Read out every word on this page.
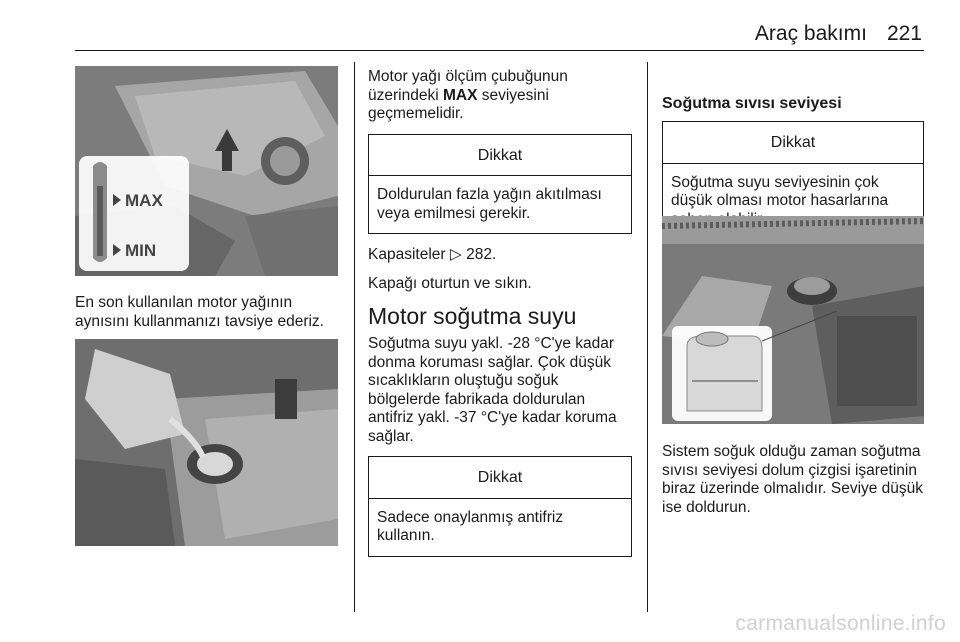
Araç bakımı 221
MAX
MIN

En son kullanılan motor yağının aynısını kullanmanızı tavsiye ederiz.

Motor yağı ölçüm çubuğunun üzerindeki MAX seviyesini geçmemelidir.

Dikkat
Doldurulan fazla yağın akıtılması veya emilmesi gerekir.

Kapasiteler ▷ 282.

Kapağı oturtun ve sıkın.

Motor soğutma suyu

Soğutma suyu yakl. -28 °C'ye kadar donma koruması sağlar. Çok düşük sıcaklıkların oluştuğu soğuk bölgelerde fabrikada doldurulan antifriz yakl. -37 °C'ye kadar koruma sağlar.

Dikkat
Sadece onaylanmış antifriz kullanın.
Soğutma sıvısı seviyesi
Dikkat
Soğutma suyu seviyesinin çok düşük olması motor hasarlarına

Sistem soğuk olduğu zaman soğutma sıvısı seviyesi dolum çizgisi işaretinin biraz üzerinde olmalıdır. Seviye düşük ise doldurun.

carmanualsonline.info
